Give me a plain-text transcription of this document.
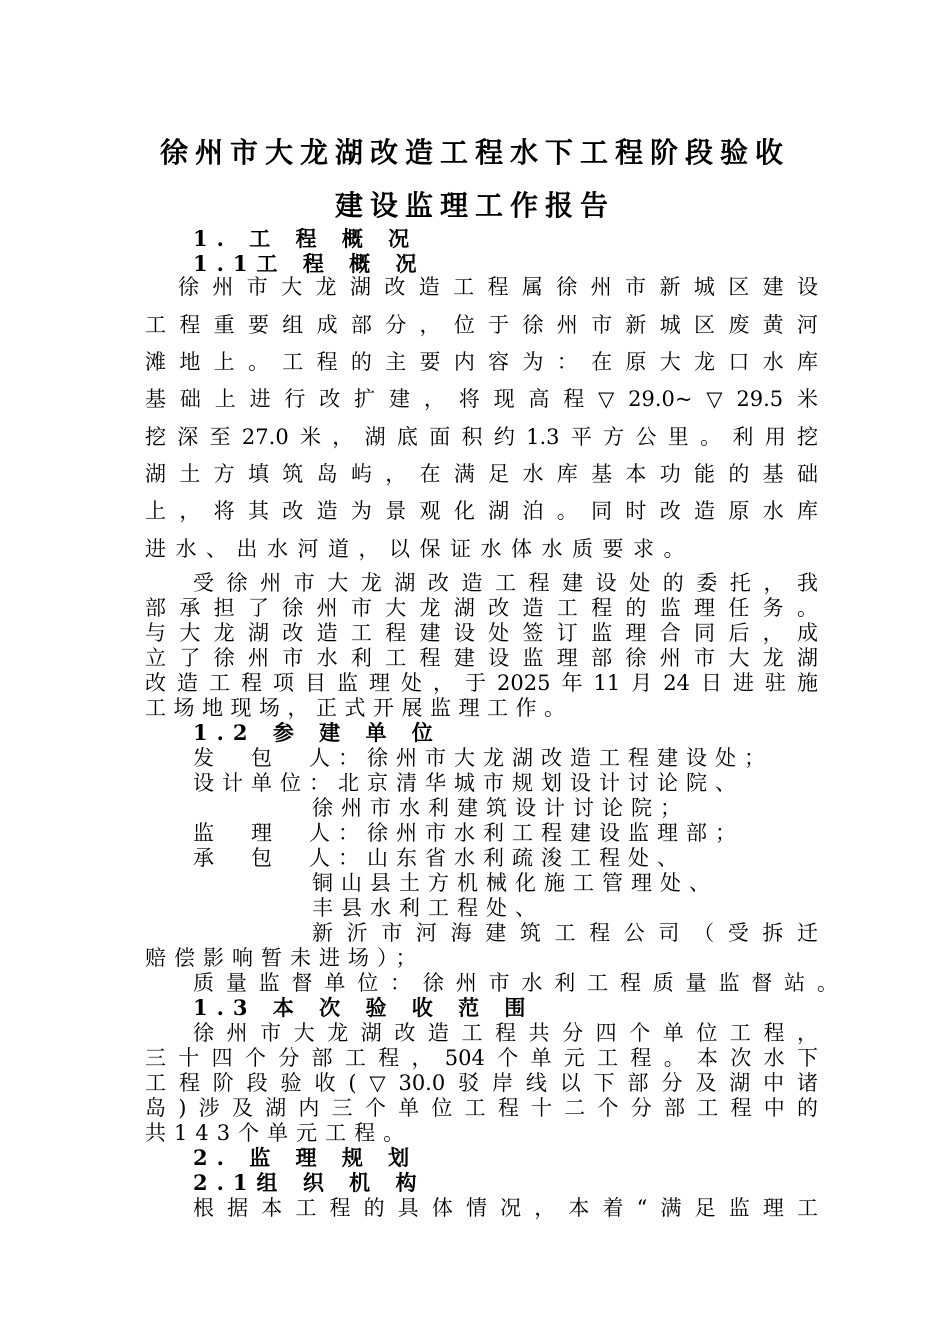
徐州市大龙湖改造工程水下工程阶段验收
建设监理工作报告
1. 工 程 概 况
1.1工 程 概 况
徐州市大龙湖改造工程属徐州市新城区建设
工程重要组成部分，位于徐州市新城区废黄河
滩地上。工程的主要内容为：在原大龙口水库
基础上进行改扩建，将现高程▽29.0~▽29.5米
挖深至27.0米，湖底面积约1.3平方公里。利用挖
湖土方填筑岛屿，在满足水库基本功能的基础
上，将其改造为景观化湖泊。同时改造原水库
进水、出水河道，以保证水体水质要求。
受徐州市大龙湖改造工程建设处的委托，我
部承担了徐州市大龙湖改造工程的监理任务。
与大龙湖改造工程建设处签订监理合同后，成
立了徐州市水利工程建设监理部徐州市大龙湖
改造工程项目监理处，于2025年11月24日进驻施
工场地现场，正式开展监理工作。
1.2 参 建 单 位
发　包　人：徐州市大龙湖改造工程建设处；
设计单位：北京清华城市规划设计讨论院、
徐州市水利建筑设计讨论院；
监　理　人：徐州市水利工程建设监理部；
承　包　人：山东省水利疏浚工程处、
铜山县土方机械化施工管理处、
丰县水利工程处、
新沂市河海建筑工程公司（受拆迁
赔偿影响暂未进场）；
质量监督单位：徐州市水利工程质量监督站。
1.3 本 次 验 收 范 围
徐州市大龙湖改造工程共分四个单位工程，
三十四个分部工程，504个单元工程。本次水下
工程阶段验收(▽30.0驳岸线以下部分及湖中诸
岛)涉及湖内三个单位工程十二个分部工程中的
共143个单元工程。
2. 监 理 规 划
2.1组 织 机 构
根据本工程的具体情况，本着“满足监理工
